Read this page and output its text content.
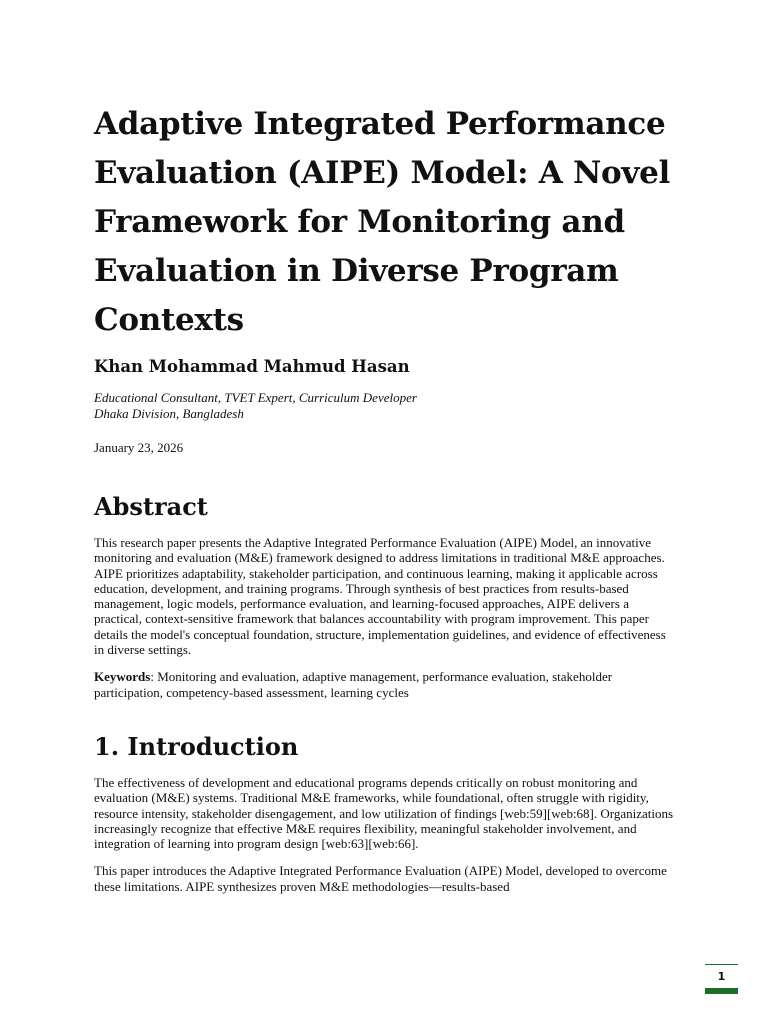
Adaptive Integrated Performance
Evaluation (AIPE) Model: A Novel
Framework for Monitoring and
Evaluation in Diverse Program
Contexts
Khan Mohammad Mahmud Hasan
Educational Consultant, TVET Expert, Curriculum Developer
Dhaka Division, Bangladesh
January 23, 2026
Abstract

This research paper presents the Adaptive Integrated Performance Evaluation (AIPE) Model, an innovative monitoring and evaluation (M&E) framework designed to address limitations in traditional M&E approaches. AIPE prioritizes adaptability, stakeholder participation, and continuous learning, making it applicable across education, development, and training programs. Through synthesis of best practices from results-based management, logic models, performance evaluation, and learning-focused approaches, AIPE delivers a practical, context-sensitive framework that balances accountability with program improvement. This paper details the model's conceptual foundation, structure, implementation guidelines, and evidence of effectiveness in diverse settings.

Keywords: Monitoring and evaluation, adaptive management, performance evaluation, stakeholder participation, competency-based assessment, learning cycles

1. Introduction

The effectiveness of development and educational programs depends critically on robust monitoring and evaluation (M&E) systems. Traditional M&E frameworks, while foundational, often struggle with rigidity, resource intensity, stakeholder disengagement, and low utilization of findings [web:59][web:68]. Organizations increasingly recognize that effective M&E requires flexibility, meaningful stakeholder involvement, and integration of learning into program design [web:63][web:66].

This paper introduces the Adaptive Integrated Performance Evaluation (AIPE) Model, developed to overcome these limitations. AIPE synthesizes proven M&E methodologies—results-based

1
